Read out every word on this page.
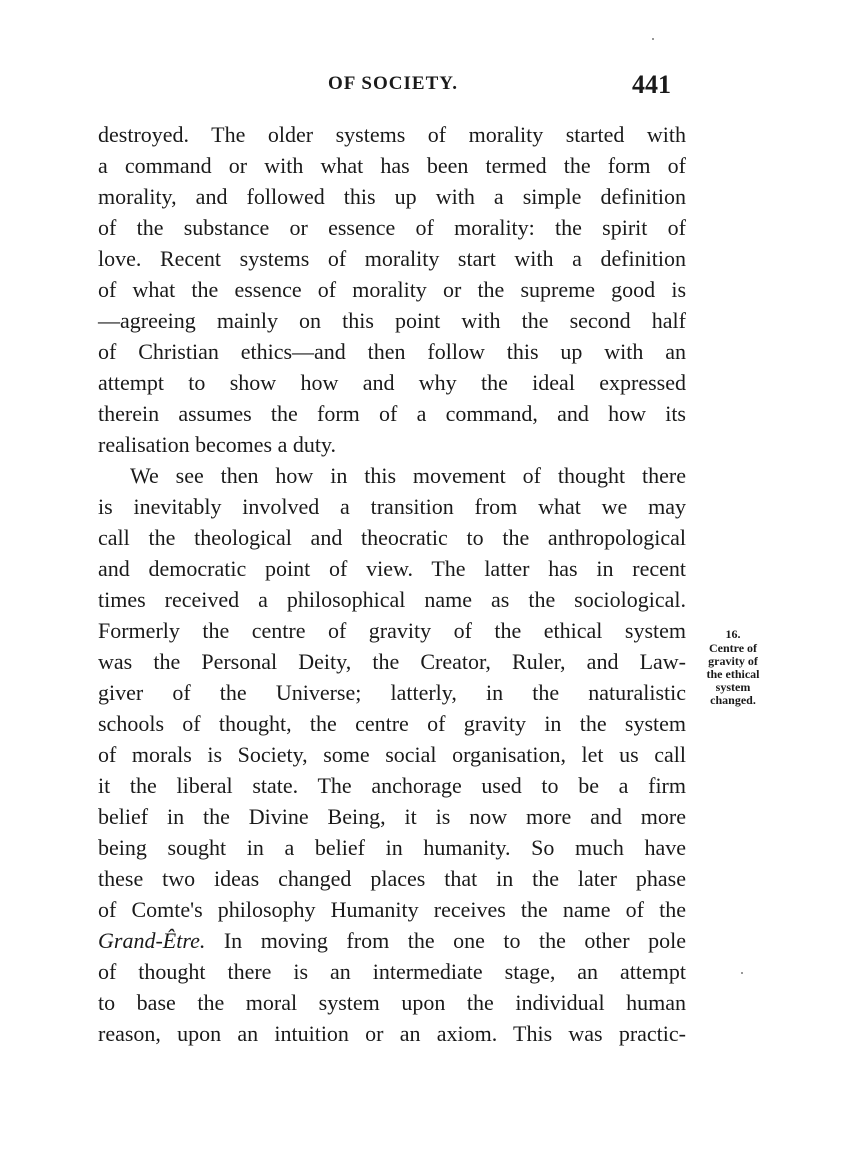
OF SOCIETY.	441
destroyed. The older systems of morality started with
a command or with what has been termed the form of
morality, and followed this up with a simple definition
of the substance or essence of morality: the spirit of
love. Recent systems of morality start with a definition
of what the essence of morality or the supreme good is
—agreeing mainly on this point with the second half
of Christian ethics—and then follow this up with an
attempt to show how and why the ideal expressed
therein assumes the form of a command, and how its
realisation becomes a duty.
We see then how in this movement of thought there
is inevitably involved a transition from what we may
call the theological and theocratic to the anthropological
and democratic point of view. The latter has in recent
times received a philosophical name as the sociological.
Formerly the centre of gravity of the ethical system
was the Personal Deity, the Creator, Ruler, and Law-
giver of the Universe; latterly, in the naturalistic
schools of thought, the centre of gravity in the system
of morals is Society, some social organisation, let us call
it the liberal state. The anchorage used to be a firm
belief in the Divine Being, it is now more and more
being sought in a belief in humanity. So much have
these two ideas changed places that in the later phase
of Comte's philosophy Humanity receives the name of the
Grand-Être. In moving from the one to the other pole
of thought there is an intermediate stage, an attempt
to base the moral system upon the individual human
reason, upon an intuition or an axiom. This was practic-
16.
Centre of
gravity of
the ethical
system
changed.
